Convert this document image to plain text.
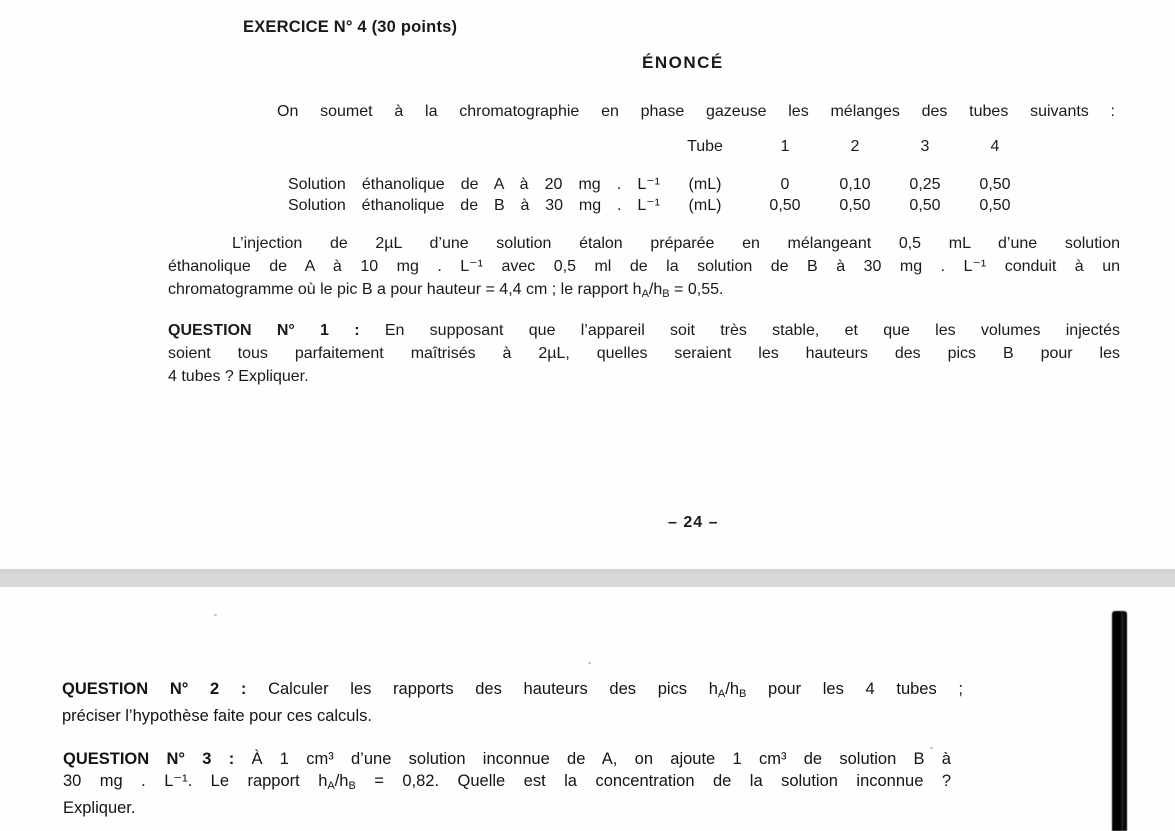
EXERCICE N° 4 (30 points)
ÉNONCÉ
On soumet à la chromatographie en phase gazeuse les mélanges des tubes suivants :
Tube	1	2	3	4
Solution éthanolique de A à 20 mg . L⁻¹	(mL)	0	0,10	0,25	0,50
Solution éthanolique de B à 30 mg . L⁻¹	(mL)	0,50	0,50	0,50	0,50
L’injection de 2µL d’une solution étalon préparée en mélangeant 0,5 mL d’une solution
éthanolique de A à 10 mg . L⁻¹ avec 0,5 ml de la solution de B à 30 mg . L⁻¹ conduit à un
chromatogramme où le pic B a pour hauteur = 4,4 cm ; le rapport $h_A/h_B = 0,55$.
QUESTION N° 1 : En supposant que l’appareil soit très stable, et que les volumes injectés
soient tous parfaitement maîtrisés à 2µL, quelles seraient les hauteurs des pics B pour les
4 tubes ? Expliquer.
– 24 –
QUESTION N° 2 : Calculer les rapports des hauteurs des pics $h_A/h_B$ pour les 4 tubes ;
préciser l’hypothèse faite pour ces calculs.
QUESTION N° 3 : À 1 cm³ d’une solution inconnue de A, on ajoute 1 cm³ de solution B à
30 mg . L⁻¹. Le rapport $h_A/h_B = 0,82$. Quelle est la concentration de la solution inconnue ?
Expliquer.
